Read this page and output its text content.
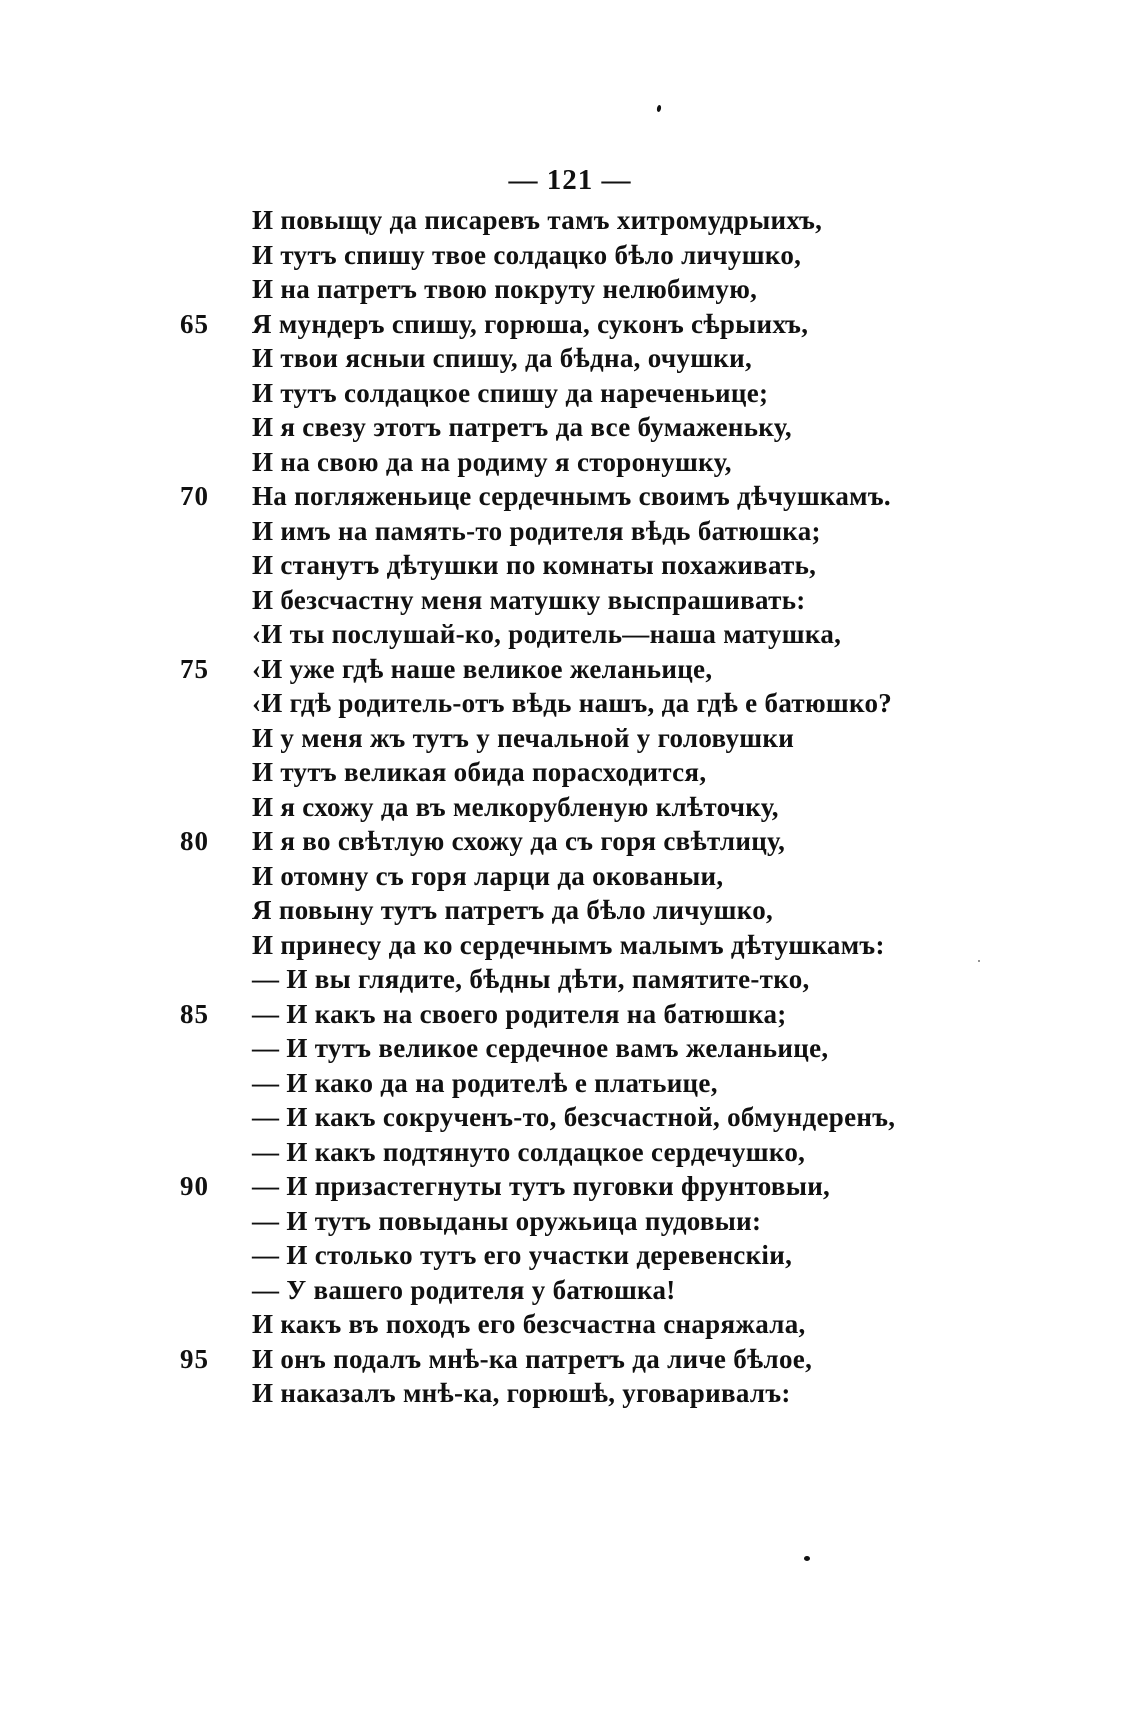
— 121 —
И повыщу да писаревъ тамъ хитромудрыихъ,
И тутъ спишу твое солдацко бѣло личушко,
И на патретъ твою покруту нелюбимую,
65	Я мундеръ спишу, горюша, суконъ сѣрыихъ,
И твои ясныи спишу, да бѣдна, очушки,
И тутъ солдацкое спишу да нареченьице;
И я свезу этотъ патретъ да все бумаженьку,
И на свою да на родиму я сторонушку,
70	На погляженьице сердечнымъ своимъ дѣчушкамъ.
И имъ на память-то родителя вѣдь батюшка;
И станутъ дѣтушки по комнаты похаживать,
И безсчастну меня матушку выспрашивать:
‹И ты послушай-ко, родитель—наша матушка,
75	‹И уже гдѣ наше великое желаньице,
‹И гдѣ родитель-отъ вѣдь нашъ, да гдѣ е батюшко?
И у меня жъ тутъ у печальной у головушки
И тутъ великая обида порасходится,
И я схожу да въ мелкорубленую клѣточку,
80	И я во свѣтлую схожу да съ горя свѣтлицу,
И отомну съ горя ларци да окованыи,
Я повыну тутъ патретъ да бѣло личушко,
И принесу да ко сердечнымъ малымъ дѣтушкамъ:
— И вы глядите, бѣдны дѣти, памятите-тко,
85	— И какъ на своего родителя на батюшка;
— И тутъ великое сердечное вамъ желаньице,
— И како да на родителѣ е платьице,
— И какъ сокрученъ-то, безсчастной, обмундеренъ,
— И какъ подтянуто солдацкое сердечушко,
90	— И призастегнуты тутъ пуговки фрунтовыи,
— И тутъ повыданы оружьица пудовыи:
— И столько тутъ его участки деревенскіи,
— У вашего родителя у батюшка!
И какъ въ походъ его безсчастна снаряжала,
95	И онъ подалъ мнѣ-ка патретъ да личе бѣлое,
И наказалъ мнѣ-ка, горюшѣ, уговаривалъ:
